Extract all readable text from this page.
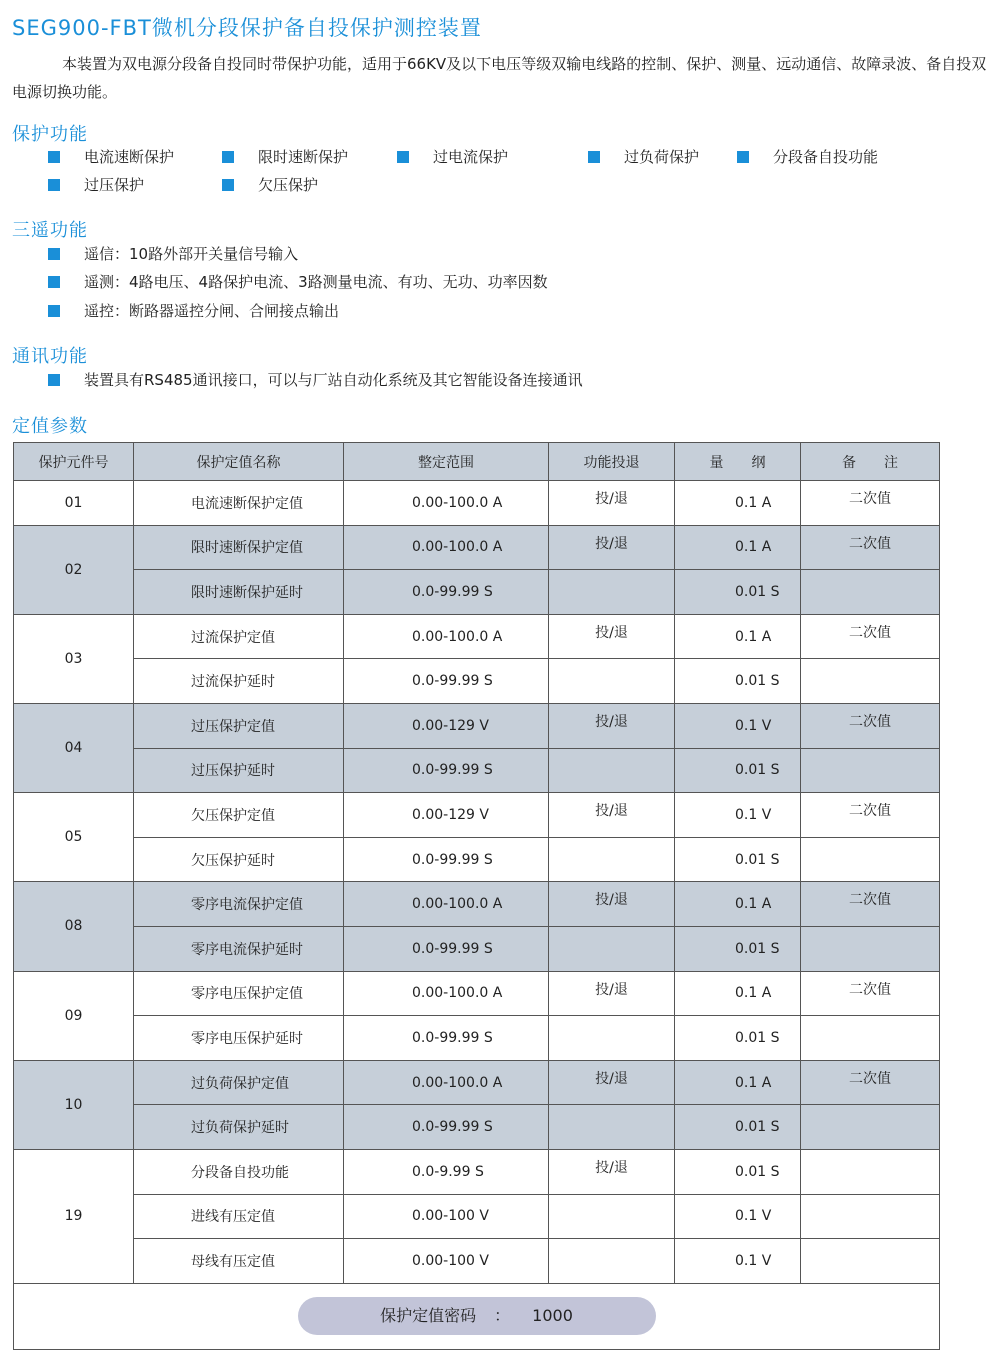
SEG900-FBT微机分段保护备自投保护测控装置
本装置为双电源分段备自投同时带保护功能，适用于66KV及以下电压等级双输电线路的控制、保护、测量、远动通信、故障录波、备自投双电源切换功能。
保护功能
电流速断保护	限时速断保护	过电流保护	过负荷保护	分段备自投功能
过压保护	欠压保护
三遥功能
遥信：10路外部开关量信号输入
遥测：4路电压、4路保护电流、3路测量电流、有功、无功、功率因数
遥控：断路器遥控分闸、合闸接点输出
通讯功能
装置具有RS485通讯接口，可以与厂站自动化系统及其它智能设备连接通讯
定值参数
保护元件号	保护定值名称	整定范围	功能投退	量　　纲	备　　注
01	电流速断保护定值	0.00-100.0 A	投/退	0.1 A	二次值
02	限时速断保护定值	0.00-100.0 A	投/退	0.1 A	二次值
	限时速断保护延时	0.0-99.99 S		0.01 S	
03	过流保护定值	0.00-100.0 A	投/退	0.1 A	二次值
	过流保护延时	0.0-99.99 S		0.01 S	
04	过压保护定值	0.00-129 V	投/退	0.1 V	二次值
	过压保护延时	0.0-99.99 S		0.01 S	
05	欠压保护定值	0.00-129 V	投/退	0.1 V	二次值
	欠压保护延时	0.0-99.99 S		0.01 S	
08	零序电流保护定值	0.00-100.0 A	投/退	0.1 A	二次值
	零序电流保护延时	0.0-99.99 S		0.01 S	
09	零序电压保护定值	0.00-100.0 A	投/退	0.1 A	二次值
	零序电压保护延时	0.0-99.99 S		0.01 S	
10	过负荷保护定值	0.00-100.0 A	投/退	0.1 A	二次值
	过负荷保护延时	0.0-99.99 S		0.01 S	
19	分段备自投功能	0.0-9.99 S	投/退	0.01 S	
	进线有压定值	0.00-100 V		0.1 V	
	母线有压定值	0.00-100 V		0.1 V	
保护定值密码 ： 1000					
